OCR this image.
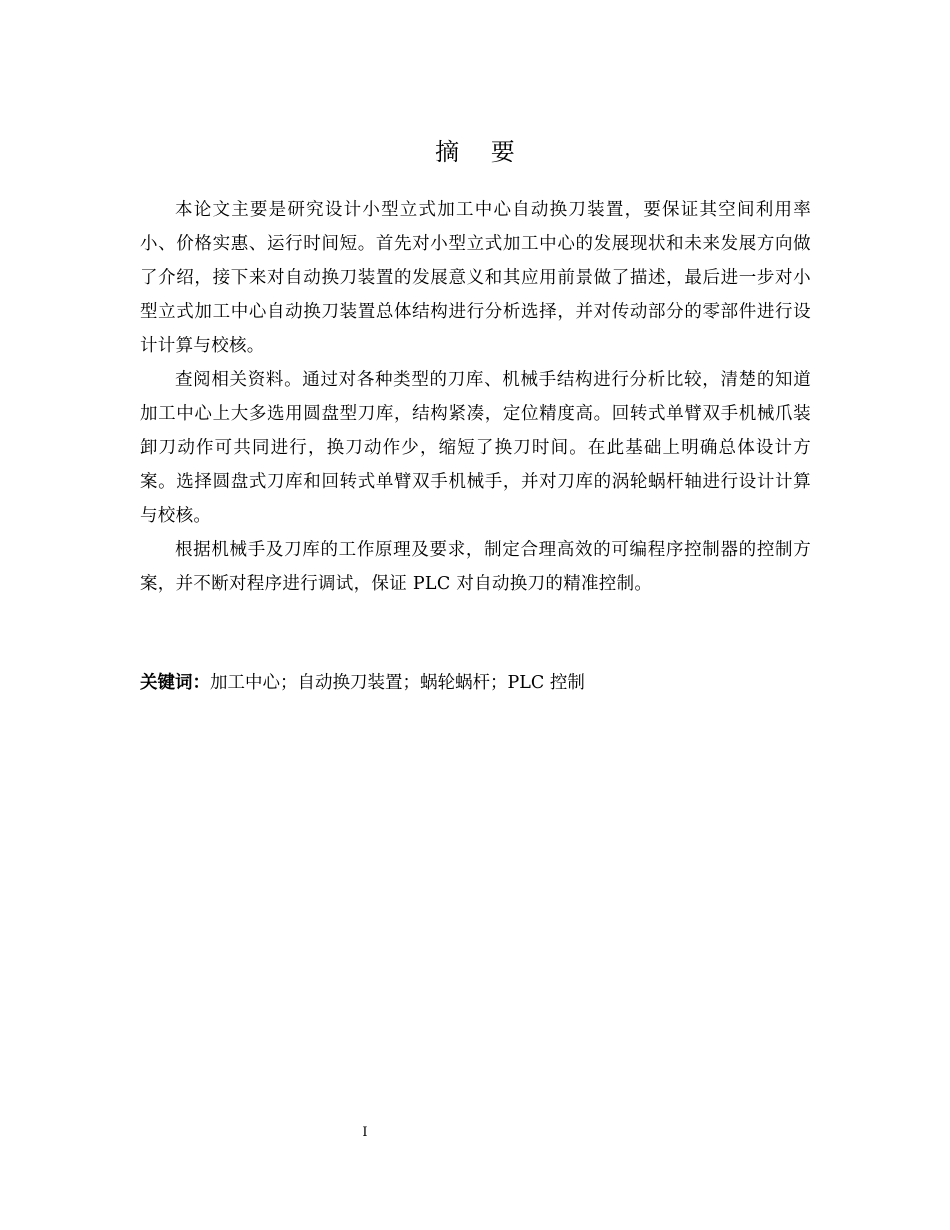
摘 要

本论文主要是研究设计小型立式加工中心自动换刀装置，要保证其空间利用率小、价格实惠、运行时间短。首先对小型立式加工中心的发展现状和未来发展方向做了介绍，接下来对自动换刀装置的发展意义和其应用前景做了描述，最后进一步对小型立式加工中心自动换刀装置总体结构进行分析选择，并对传动部分的零部件进行设计计算与校核。

查阅相关资料。通过对各种类型的刀库、机械手结构进行分析比较，清楚的知道加工中心上大多选用圆盘型刀库，结构紧凑，定位精度高。回转式单臂双手机械爪装卸刀动作可共同进行，换刀动作少，缩短了换刀时间。在此基础上明确总体设计方案。选择圆盘式刀库和回转式单臂双手机械手，并对刀库的涡轮蜗杆轴进行设计计算与校核。

根据机械手及刀库的工作原理及要求，制定合理高效的可编程序控制器的控制方案，并不断对程序进行调试，保证 PLC 对自动换刀的精准控制。

关键词：加工中心；自动换刀装置；蜗轮蜗杆；PLC 控制
I
